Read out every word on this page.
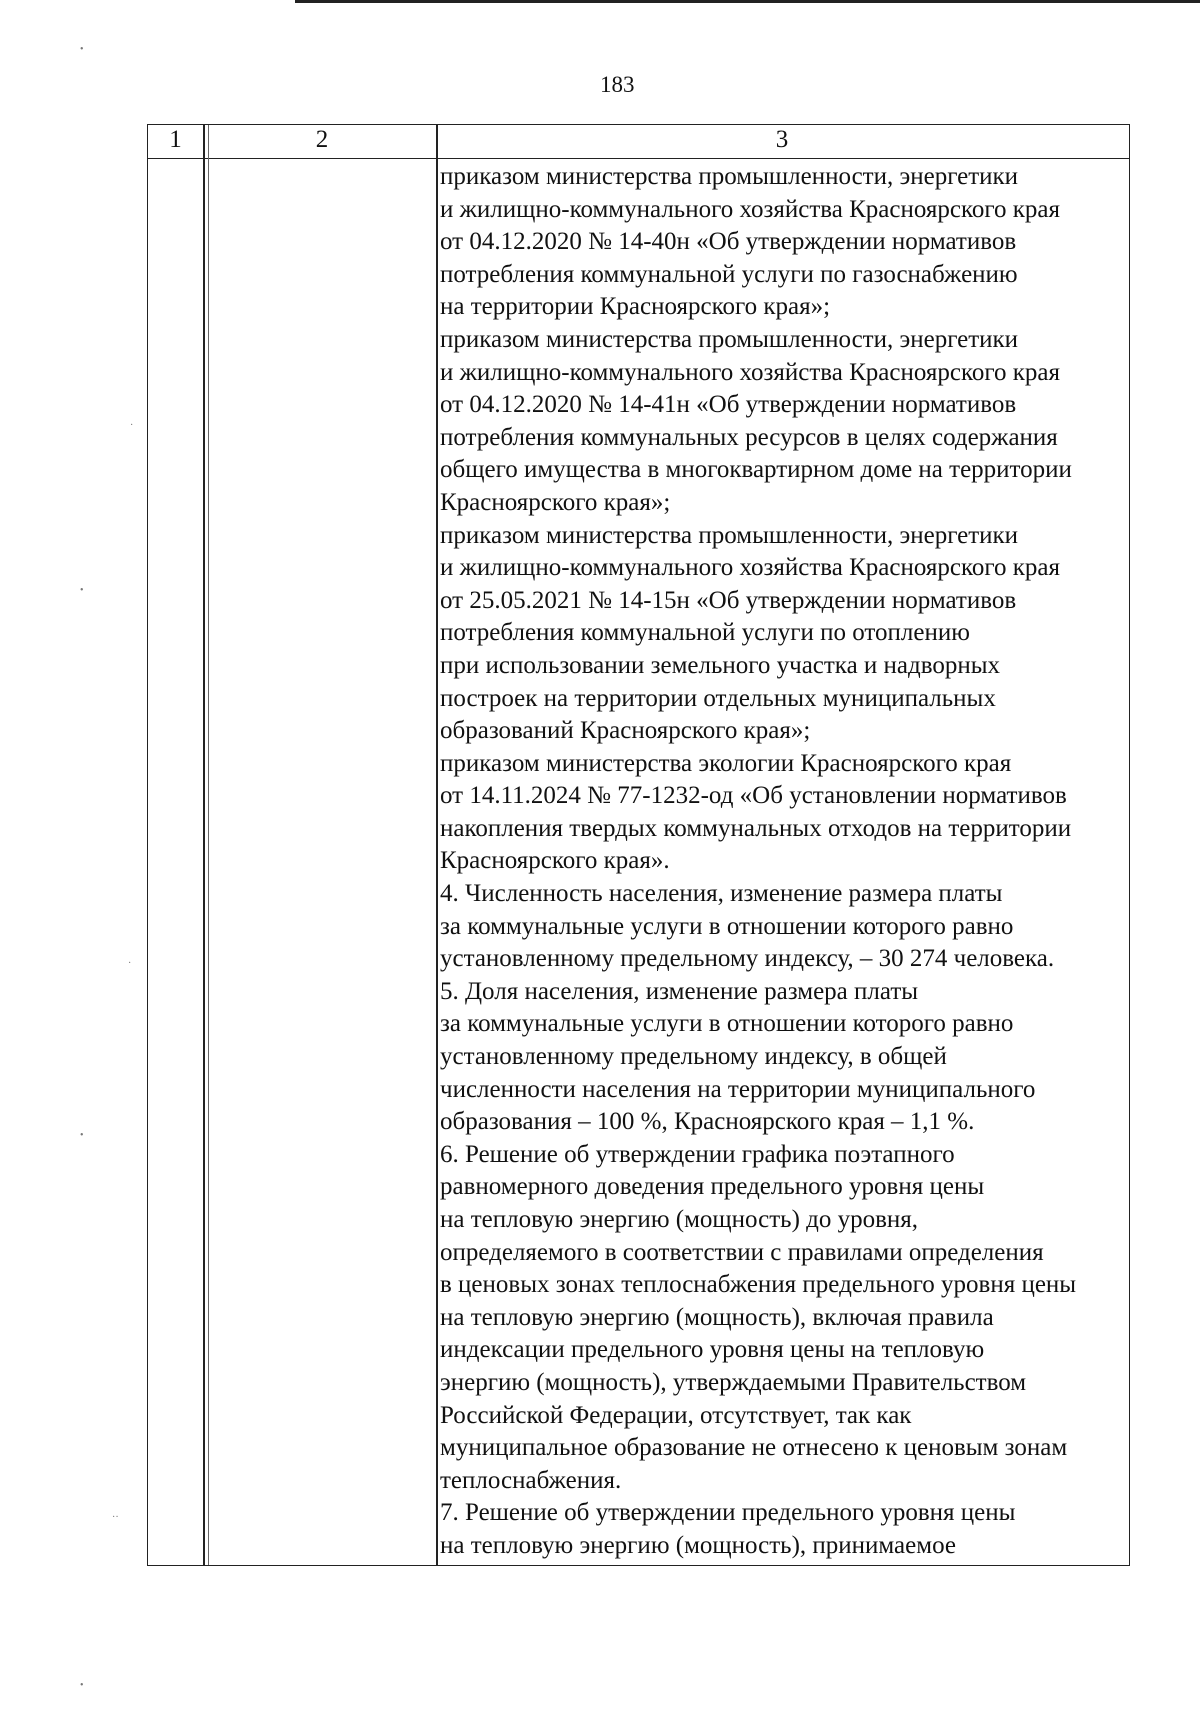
183
1	2	3
приказом министерства промышленности, энергетики
и жилищно-коммунального хозяйства Красноярского края
от 04.12.2020 № 14-40н «Об утверждении нормативов
потребления коммунальной услуги по газоснабжению
на территории Красноярского края»;
приказом министерства промышленности, энергетики
и жилищно-коммунального хозяйства Красноярского края
от 04.12.2020 № 14-41н «Об утверждении нормативов
потребления коммунальных ресурсов в целях содержания
общего имущества в многоквартирном доме на территории
Красноярского края»;
приказом министерства промышленности, энергетики
и жилищно-коммунального хозяйства Красноярского края
от 25.05.2021 № 14-15н «Об утверждении нормативов
потребления коммунальной услуги по отоплению
при использовании земельного участка и надворных
построек на территории отдельных муниципальных
образований Красноярского края»;
приказом министерства экологии Красноярского края
от 14.11.2024 № 77-1232-од «Об установлении нормативов
накопления твердых коммунальных отходов на территории
Красноярского края».
4. Численность населения, изменение размера платы
за коммунальные услуги в отношении которого равно
установленному предельному индексу, – 30 274 человека.
5. Доля населения, изменение размера платы
за коммунальные услуги в отношении которого равно
установленному предельному индексу, в общей
численности населения на территории муниципального
образования – 100 %, Красноярского края – 1,1 %.
6. Решение об утверждении графика поэтапного
равномерного доведения предельного уровня цены
на тепловую энергию (мощность) до уровня,
определяемого в соответствии с правилами определения
в ценовых зонах теплоснабжения предельного уровня цены
на тепловую энергию (мощность), включая правила
индексации предельного уровня цены на тепловую
энергию (мощность), утверждаемыми Правительством
Российской Федерации, отсутствует, так как
муниципальное образование не отнесено к ценовым зонам
теплоснабжения.
7. Решение об утверждении предельного уровня цены
на тепловую энергию (мощность), принимаемое
•
·
•
·
•
··
•
